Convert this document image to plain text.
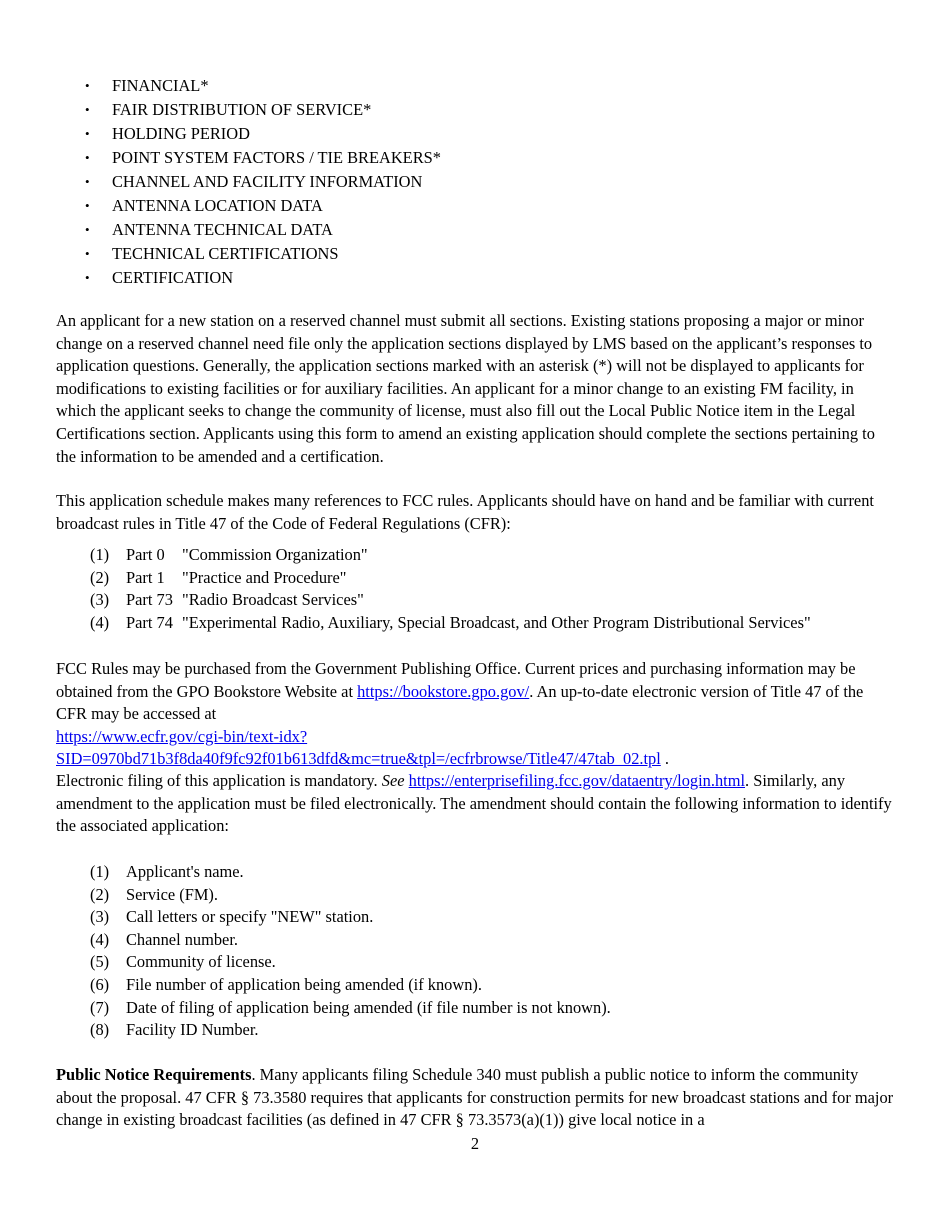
•	FINANCIAL*
•	FAIR DISTRIBUTION OF SERVICE*
•	HOLDING PERIOD
•	POINT SYSTEM FACTORS / TIE BREAKERS*
•	CHANNEL AND FACILITY INFORMATION
•	ANTENNA LOCATION DATA
•	ANTENNA TECHNICAL DATA
•	TECHNICAL CERTIFICATIONS
•	CERTIFICATION

An applicant for a new station on a reserved channel must submit all sections. Existing stations proposing a major or minor change on a reserved channel need file only the application sections displayed by LMS based on the applicant’s responses to application questions. Generally, the application sections marked with an asterisk (*) will not be displayed to applicants for modifications to existing facilities or for auxiliary facilities. An applicant for a minor change to an existing FM facility, in which the applicant seeks to change the community of license, must also fill out the Local Public Notice item in the Legal Certifications section. Applicants using this form to amend an existing application should complete the sections pertaining to the information to be amended and a certification.

This application schedule makes many references to FCC rules. Applicants should have on hand and be familiar with current broadcast rules in Title 47 of the Code of Federal Regulations (CFR):

(1)	Part 0	"Commission Organization"
(2)	Part 1	"Practice and Procedure"
(3)	Part 73 "Radio Broadcast Services"
(4)	Part 74 "Experimental Radio, Auxiliary, Special Broadcast, and Other Program Distributional Services"

FCC Rules may be purchased from the Government Publishing Office. Current prices and purchasing information may be obtained from the GPO Bookstore Website at https://bookstore.gpo.gov/. An up-to-date electronic version of Title 47 of the CFR may be accessed at
https://www.ecfr.gov/cgi-bin/text-idx?SID=0970bd71b3f8da40f9fc92f01b613dfd&mc=true&tpl=/ecfrbrowse/Title47/47tab_02.tpl .

Electronic filing of this application is mandatory. See https://enterprisefiling.fcc.gov/dataentry/login.html. Similarly, any amendment to the application must be filed electronically. The amendment should contain the following information to identify the associated application:

(1)	Applicant's name.
(2)	Service (FM).
(3)	Call letters or specify "NEW" station.
(4)	Channel number.
(5)	Community of license.
(6)	File number of application being amended (if known).
(7)	Date of filing of application being amended (if file number is not known).
(8)	Facility ID Number.

Public Notice Requirements. Many applicants filing Schedule 340 must publish a public notice to inform the community about the proposal. 47 CFR § 73.3580 requires that applicants for construction permits for new broadcast stations and for major change in existing broadcast facilities (as defined in 47 CFR § 73.3573(a)(1)) give local notice in a

2
